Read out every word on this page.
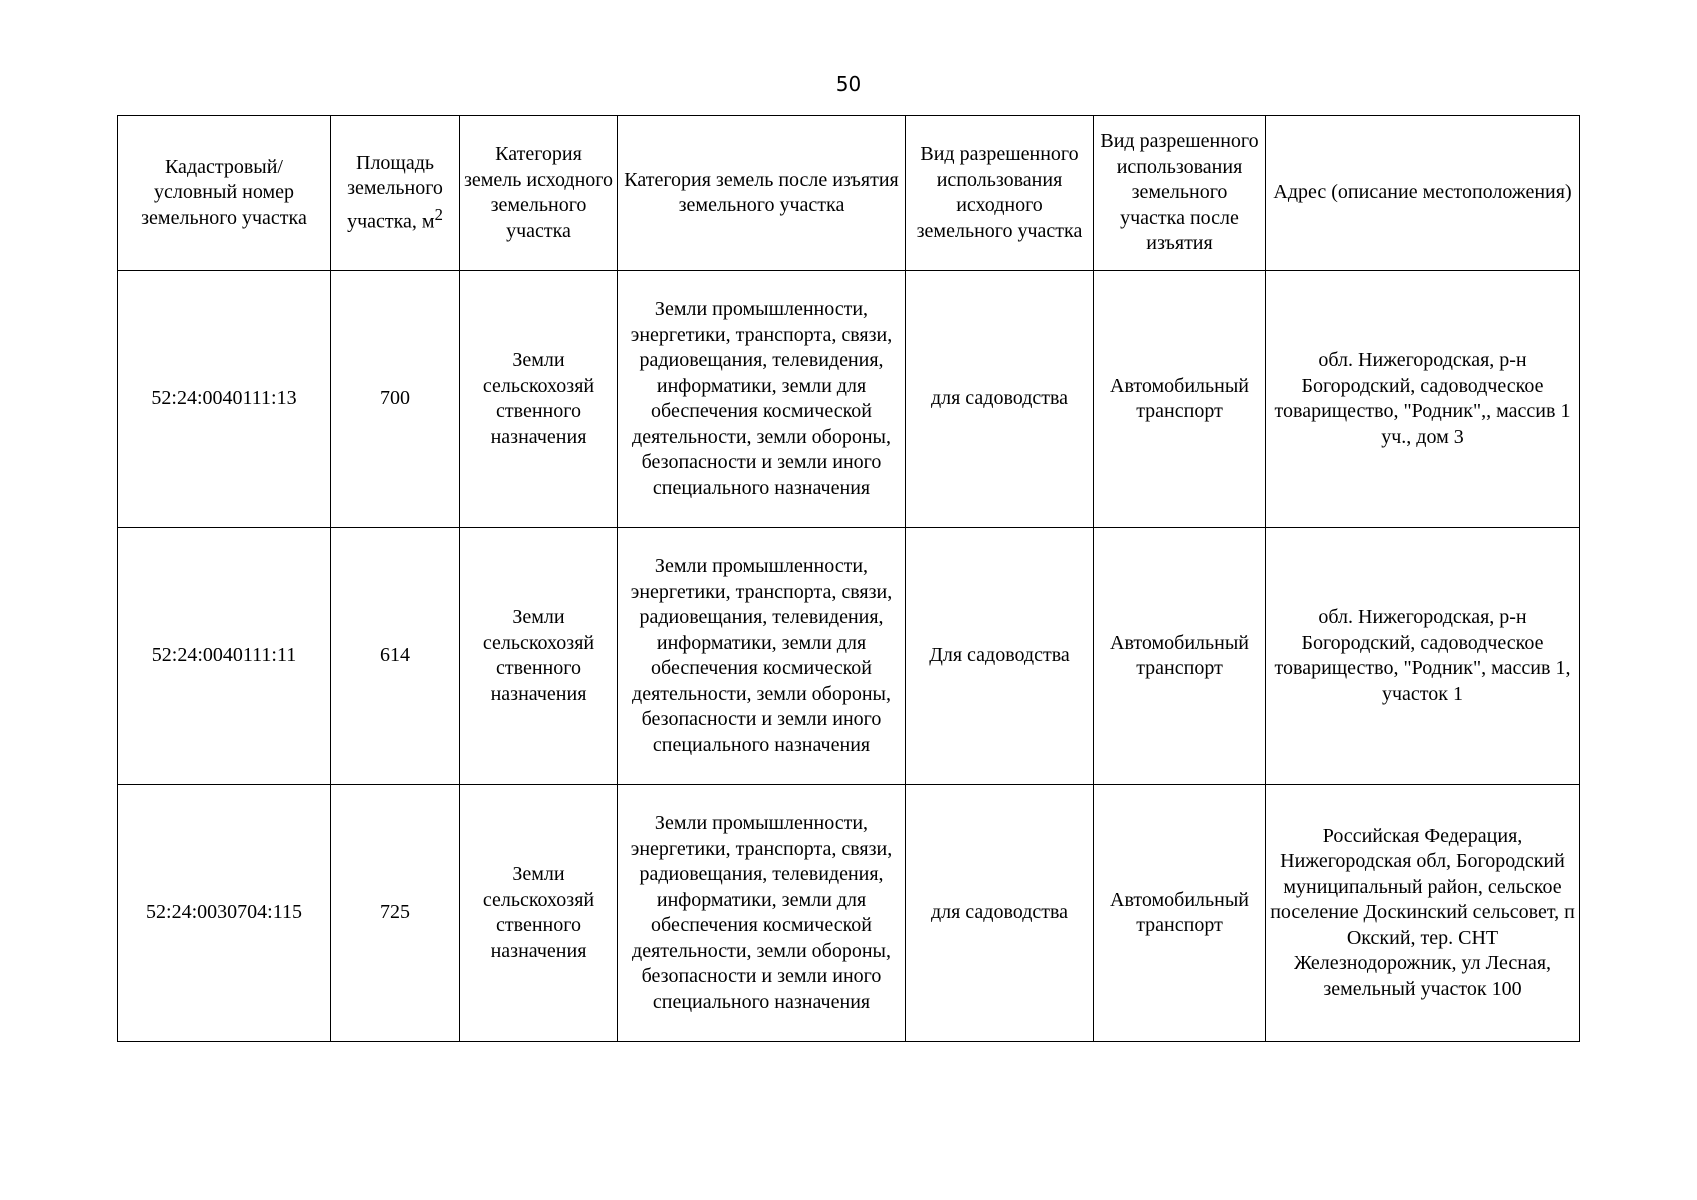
50
Кадастровый/ условный номер земельного участка	Площадь земельного участка, $м^2$	Категория земель исходного земельного участка	Категория земель после изъятия земельного участка	Вид разрешенного использования исходного земельного участка	Вид разрешенного использования земельного участка после изъятия	Адрес (описание местоположения)
52:24:0040111:13	700	Земли сельскохозяй ственного назначения	Земли промышленности, энергетики, транспорта, связи, радиовещания, телевидения, информатики, земли для обеспечения космической деятельности, земли обороны, безопасности и земли иного специального назначения	для садоводства	Автомобильный транспорт	обл. Нижегородская, р-н Богородский, садоводческое товарищество, "Родник",, массив 1 уч., дом 3
52:24:0040111:11	614	Земли сельскохозяй ственного назначения	Земли промышленности, энергетики, транспорта, связи, радиовещания, телевидения, информатики, земли для обеспечения космической деятельности, земли обороны, безопасности и земли иного специального назначения	Для садоводства	Автомобильный транспорт	обл. Нижегородская, р-н Богородский, садоводческое товарищество, "Родник", массив 1, участок 1
52:24:0030704:115	725	Земли сельскохозяй ственного назначения	Земли промышленности, энергетики, транспорта, связи, радиовещания, телевидения, информатики, земли для обеспечения космической деятельности, земли обороны, безопасности и земли иного специального назначения	для садоводства	Автомобильный транспорт	Российская Федерация, Нижегородская обл, Богородский муниципальный район, сельское поселение Доскинский сельсовет, п Окский, тер. СНТ Железнодорожник, ул Лесная, земельный участок 100
